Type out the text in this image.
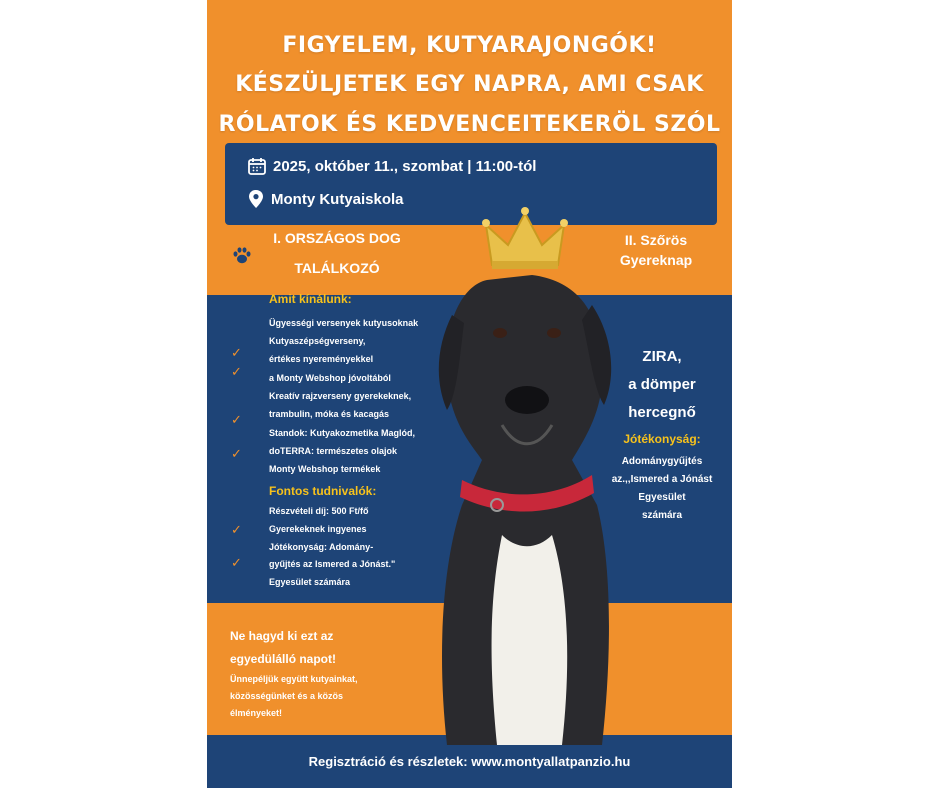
FIGYELEM, KUTYARAJONGÓK!
KÉSZÜLJETEK EGY NAPRA, AMI CSAK
RÓLATOK ÉS KEDVENCEITEKERÖL SZÓL
2025, október 11., szombat | 11:00-tól
Monty Kutyaiskola
I. ORSZÁGOS DOG
TALÁLKOZÓ
II. Szőrös
Gyereknap
Amit kínálunk:
Ügyességi versenyek kutyusoknak
Kutyaszépségverseny,
értékes nyereményekkel
a Monty Webshop jóvoltából
Kreatív rajzverseny gyerekeknek,
trambulin, móka és kacagás
Standok: Kutyakozmetika Maglód,
doTERRA: természetes olajok
Monty Webshop termékek
✓
✓
✓
✓
✓
✓
Fontos tudnivalók:
Részvételi díj: 500 Ft/fő
Gyerekeknek ingyenes
Jótékonyság: Adomány-
gyűjtés az Ismered a Jónást."
Egyesület számára
ZIRA,
a dömper
hercegnő
Jótékonyság:
Adománygyűjtés
az.,,Ismered a Jónást
Egyesület
számára
Ne hagyd ki ezt az
egyedülálló napot!
Ünnepéljük együtt kutyainkat,
közösségünket és a közös
élményeket!
Regisztráció és részletek: www.montyallatpanzio.hu
